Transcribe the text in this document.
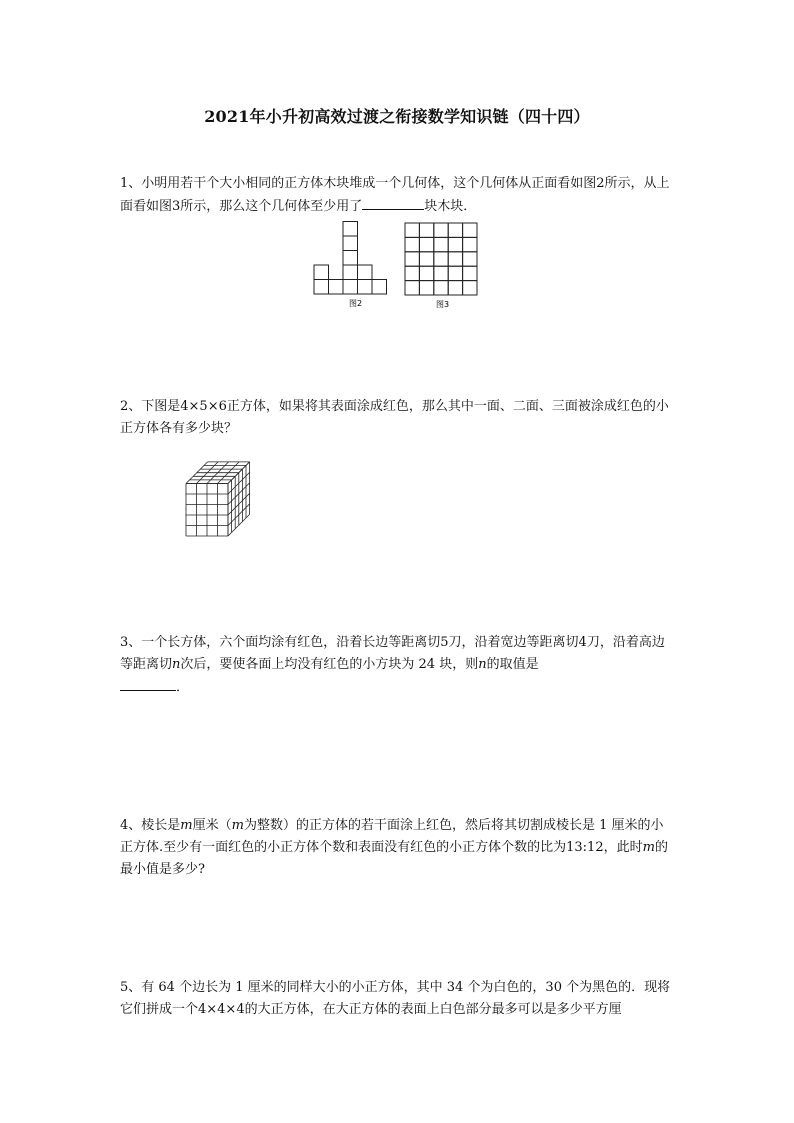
2021年小升初高效过渡之衔接数学知识链（四十四）
1、小明用若干个大小相同的正方体木块堆成一个几何体，这个几何体从正面看如图2所示，从上面看如图3所示，那么这个几何体至少用了	块木块．
图2	图3
2、下图是4×5×6正方体，如果将其表面涂成红色，那么其中一面、二面、三面被涂成红色的小正方体各有多少块？
3、一个长方体，六个面均涂有红色，沿着长边等距离切5刀，沿着宽边等距离切4刀，沿着高边等距离切n次后，要使各面上均没有红色的小方块为 24 块，则n的取值是
．
4、棱长是m厘米（m为整数）的正方体的若干面涂上红色，然后将其切割成棱长是 1 厘米的小正方体.至少有一面红色的小正方体个数和表面没有红色的小正方体个数的比为13:12，此时m的最小值是多少?
5、有 64 个边长为 1 厘米的同样大小的小正方体，其中 34 个为白色的，30 个为黑色的．现将它们拼成一个4×4×4的大正方体，在大正方体的表面上白色部分最多可以是多少平方厘
